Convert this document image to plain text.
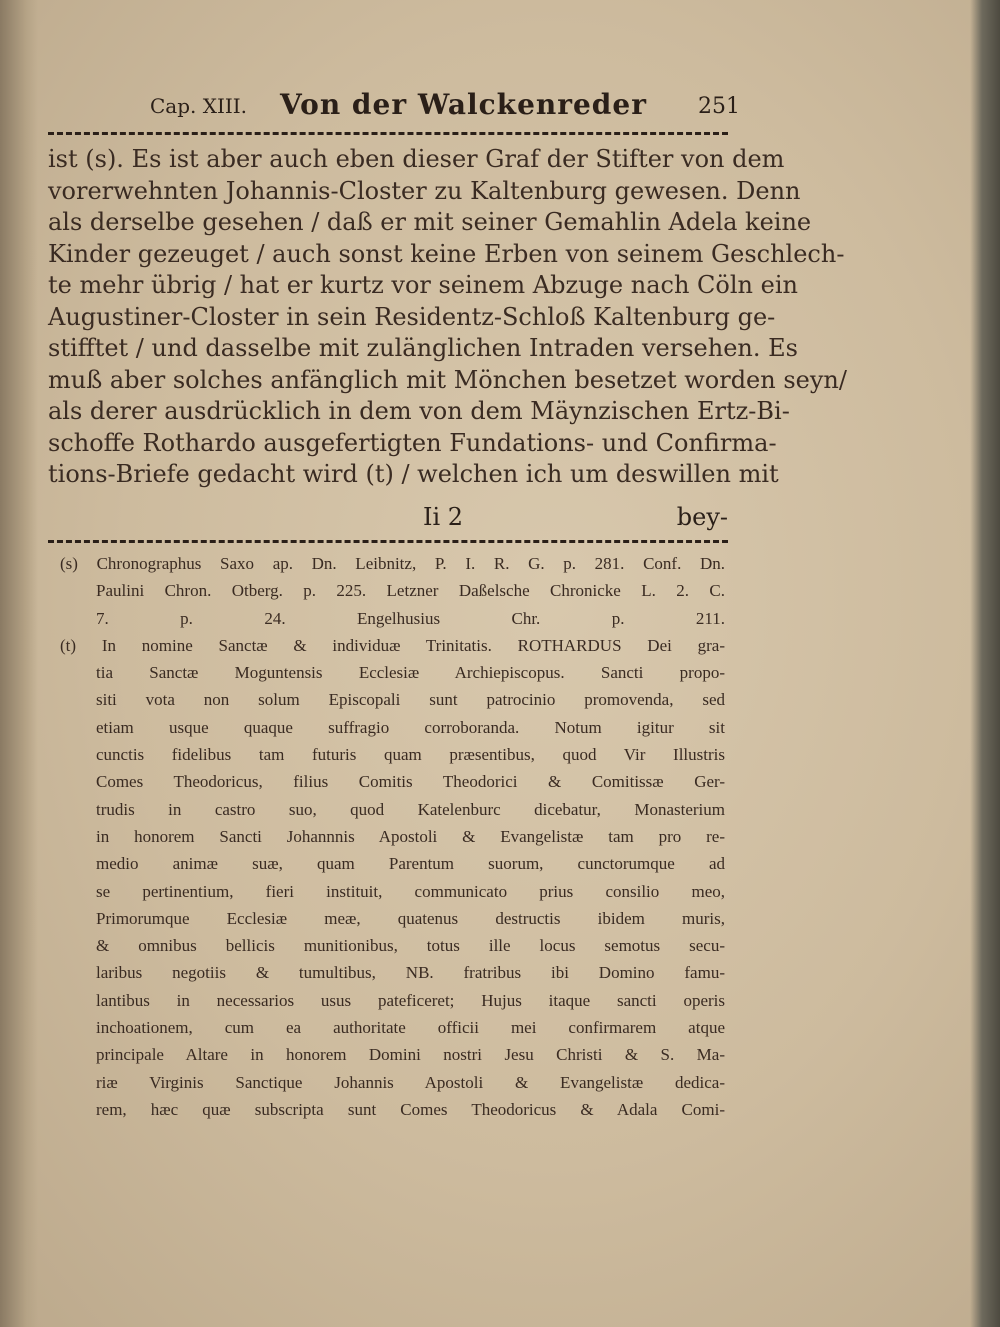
Cap. XIII. Von der Walckenreder 251
ist (s). Es ist aber auch eben dieser Graf der Stifter von dem
vorerwehnten Johannis-Closter zu Kaltenburg gewesen. Denn
als derselbe gesehen / daß er mit seiner Gemahlin Adela keine
Kinder gezeuget / auch sonst keine Erben von seinem Geschlech-
te mehr übrig / hat er kurtz vor seinem Abzuge nach Cöln ein
Augustiner-Closter in sein Residentz-Schloß Kaltenburg ge-
stifftet / und dasselbe mit zulänglichen Intraden versehen. Es
muß aber solches anfänglich mit Mönchen besetzet worden seyn/
als derer ausdrücklich in dem von dem Mäynzischen Ertz-Bi-
schoffe Rothardo ausgefertigten Fundations- und Confirma-
tions-Briefe gedacht wird (t) / welchen ich um deswillen mit
Ii 2	bey-
(s) Chronographus Saxo ap. Dn. Leibnitz, P. I. R. G. p. 281. Conf. Dn.
Paulini Chron. Otberg. p. 225. Letzner Daßelsche Chronicke L. 2. C.
7. p. 24. Engelhusius Chr. p. 211.
(t) In nomine Sanctæ & individuæ Trinitatis. ROTHARDUS Dei gra-
tia Sanctæ Moguntensis Ecclesiæ Archiepiscopus. Sancti propo-
siti vota non solum Episcopali sunt patrocinio promovenda, sed
etiam usque quaque suffragio corroboranda. Notum igitur sit
cunctis fidelibus tam futuris quam præsentibus, quod Vir Illustris
Comes Theodoricus, filius Comitis Theodorici & Comitissæ Ger-
trudis in castro suo, quod Katelenburc dicebatur, Monasterium
in honorem Sancti Johannnis Apostoli & Evangelistæ tam pro re-
medio animæ suæ, quam Parentum suorum, cunctorumque ad
se pertinentium, fieri instituit, communicato prius consilio meo,
Primorumque Ecclesiæ meæ, quatenus destructis ibidem muris,
& omnibus bellicis munitionibus, totus ille locus semotus secu-
laribus negotiis & tumultibus, NB. fratribus ibi Domino famu-
lantibus in necessarios usus pateficeret; Hujus itaque sancti operis
inchoationem, cum ea authoritate officii mei confirmarem atque
principale Altare in honorem Domini nostri Jesu Christi & S. Ma-
riæ Virginis Sanctique Johannis Apostoli & Evangelistæ dedica-
rem, hæc quæ subscripta sunt Comes Theodoricus & Adala Comi-
